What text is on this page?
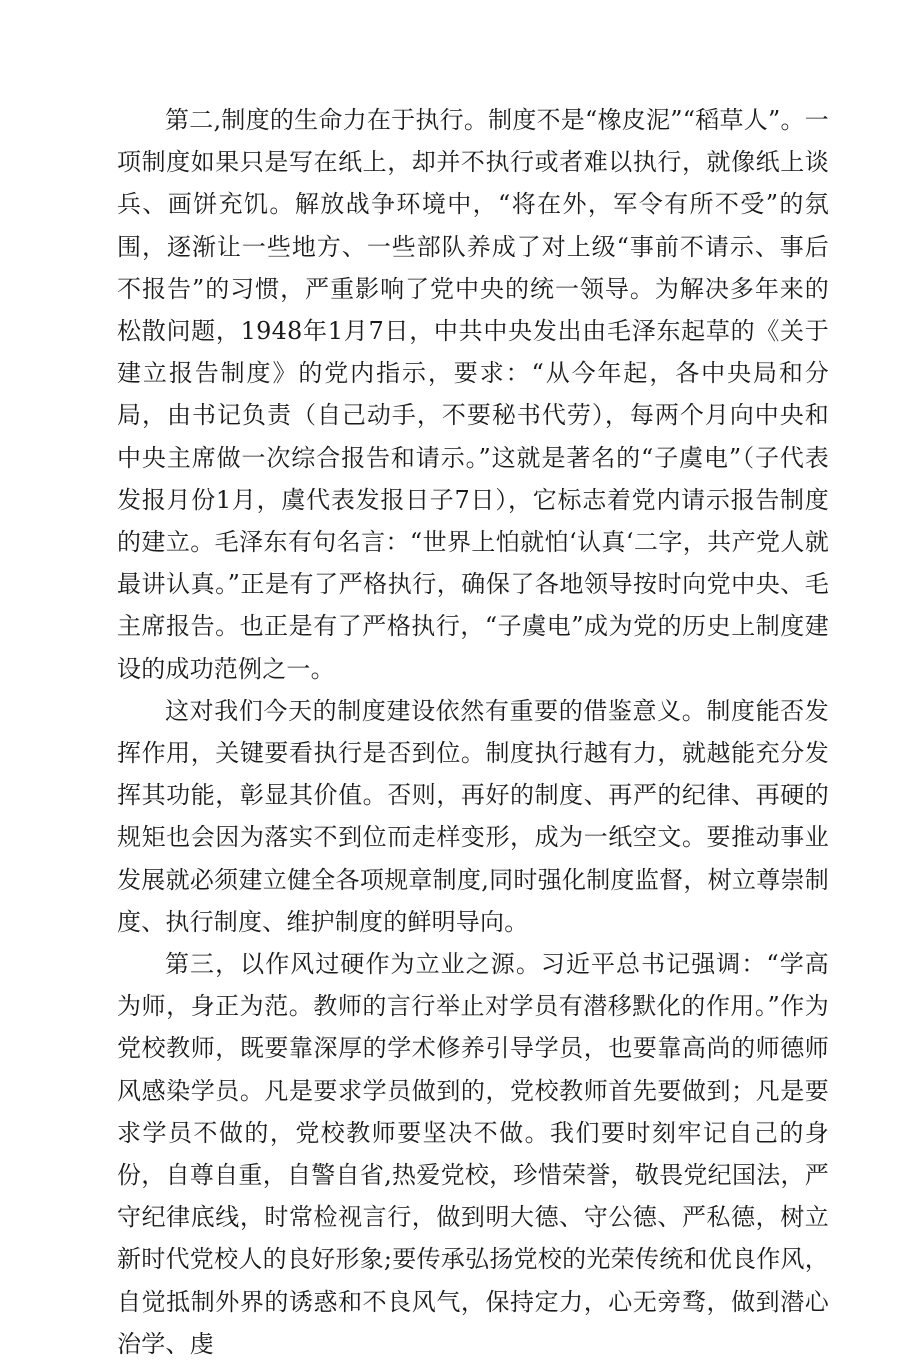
第二,制度的生命力在于执行。制度不是“橡皮泥”“稻草人”。一项制度如果只是写在纸上，却并不执行或者难以执行，就像纸上谈兵、画饼充饥。解放战争环境中，“将在外，军令有所不受”的氛围，逐渐让一些地方、一些部队养成了对上级“事前不请示、事后不报告”的习惯，严重影响了党中央的统一领导。为解决多年来的松散问题，1948年1月7日，中共中央发出由毛泽东起草的《关于建立报告制度》的党内指示，要求：“从今年起，各中央局和分局，由书记负责（自己动手，不要秘书代劳），每两个月向中央和中央主席做一次综合报告和请示。”这就是著名的“子虞电”（子代表发报月份1月，虞代表发报日子7日），它标志着党内请示报告制度的建立。毛泽东有句名言：“世界上怕就怕‘认真‘二字，共产党人就最讲认真。”正是有了严格执行，确保了各地领导按时向党中央、毛主席报告。也正是有了严格执行，“子虞电”成为党的历史上制度建设的成功范例之一。

这对我们今天的制度建设依然有重要的借鉴意义。制度能否发挥作用，关键要看执行是否到位。制度执行越有力，就越能充分发挥其功能，彰显其价值。否则，再好的制度、再严的纪律、再硬的规矩也会因为落实不到位而走样变形，成为一纸空文。要推动事业发展就必须建立健全各项规章制度,同时强化制度监督，树立尊崇制度、执行制度、维护制度的鲜明导向。

第三，以作风过硬作为立业之源。习近平总书记强调：“学高为师，身正为范。教师的言行举止对学员有潜移默化的作用。”作为党校教师，既要靠深厚的学术修养引导学员，也要靠高尚的师德师风感染学员。凡是要求学员做到的，党校教师首先要做到；凡是要求学员不做的，党校教师要坚决不做。我们要时刻牢记自己的身份，自尊自重，自警自省,热爱党校，珍惜荣誉，敬畏党纪国法，严守纪律底线，时常检视言行，做到明大德、守公德、严私德，树立新时代党校人的良好形象;要传承弘扬党校的光荣传统和优良作风，自觉抵制外界的诱惑和不良风气，保持定力，心无旁骛，做到潜心治学、虔
